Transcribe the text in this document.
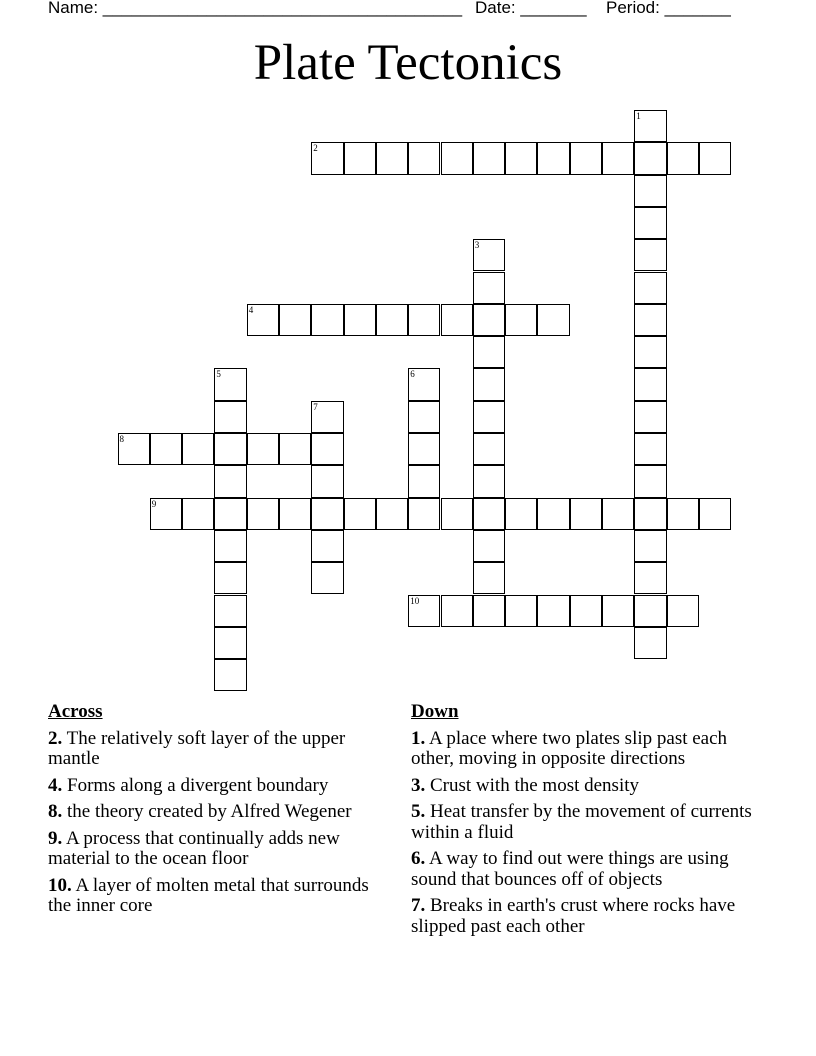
Name: ______________________________________ Date: _______ Period: _______
Plate Tectonics
1
2
3
4
5	6
7
8
9
10
Across
2. The relatively soft layer of the upper mantle
4. Forms along a divergent boundary
8. the theory created by Alfred Wegener
9. A process that continually adds new material to the ocean floor
10. A layer of molten metal that surrounds the inner core
Down
1. A place where two plates slip past each other, moving in opposite directions
3. Crust with the most density
5. Heat transfer by the movement of currents within a fluid
6. A way to find out were things are using sound that bounces off of objects
7. Breaks in earth's crust where rocks have slipped past each other
